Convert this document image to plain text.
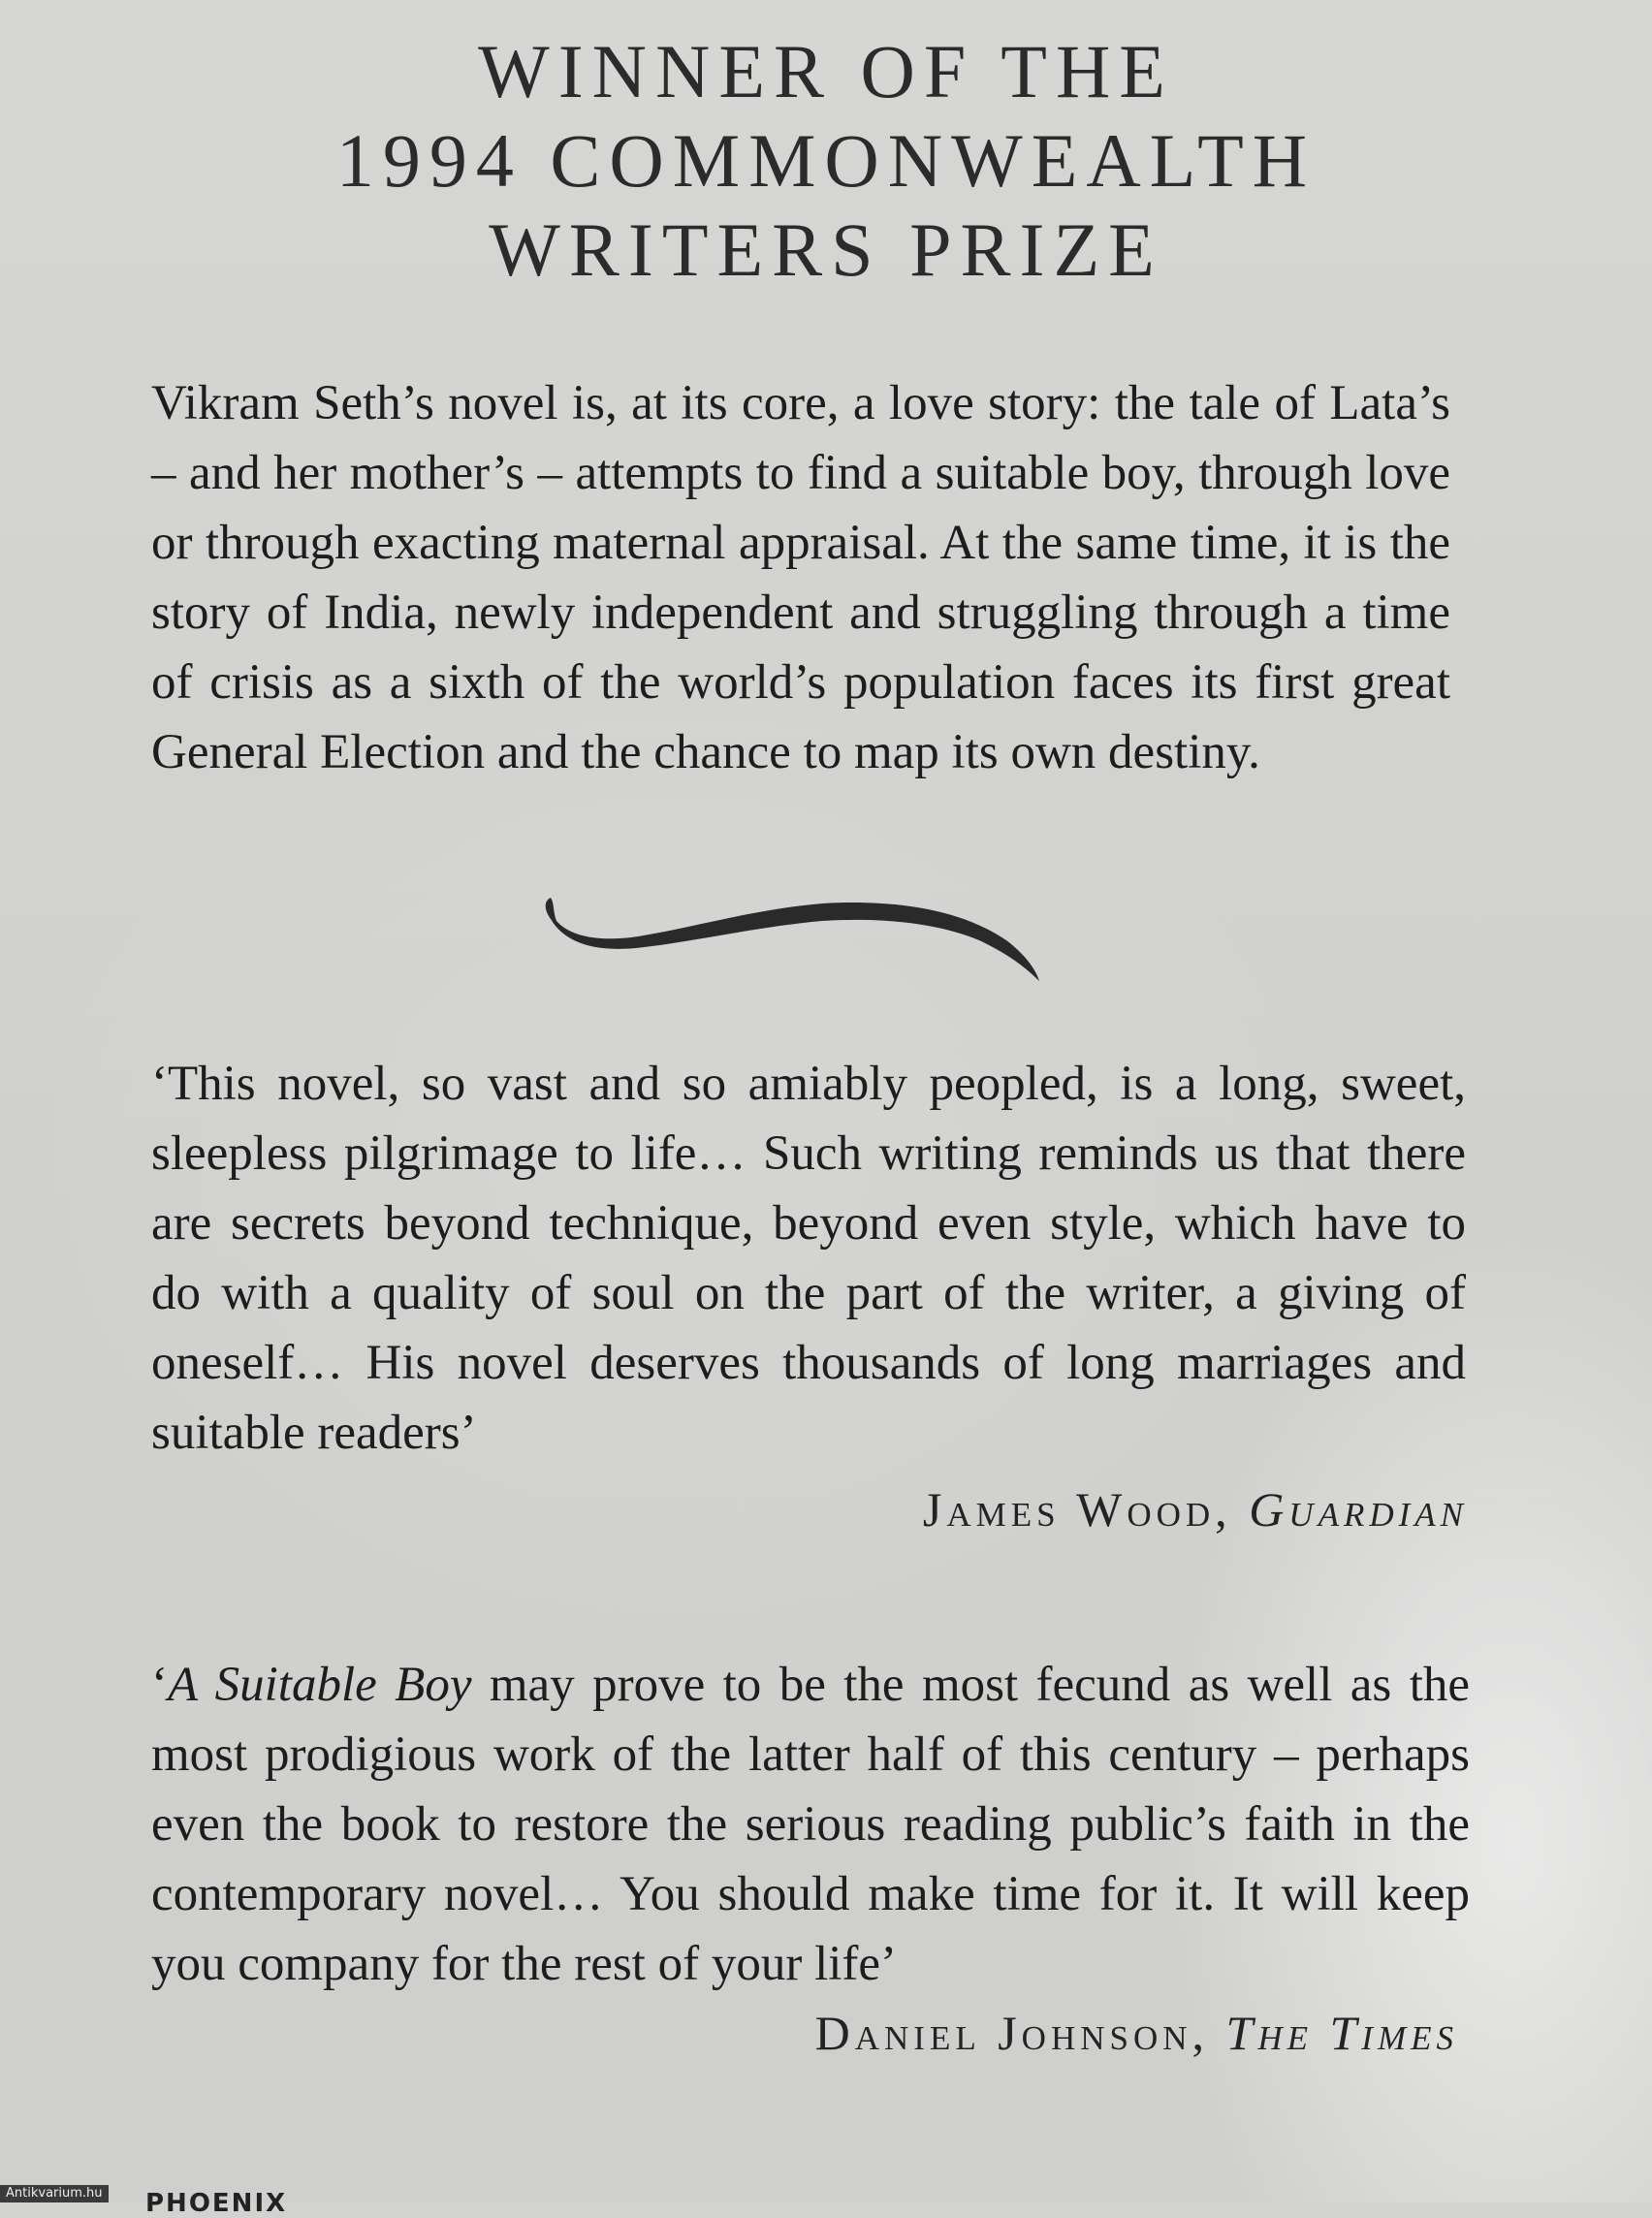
WINNER OF THE
1994 COMMONWEALTH
WRITERS PRIZE

Vikram Seth’s novel is, at its core, a love story: the tale of Lata’s – and her mother’s – attempts to find a suitable boy, through love or through exacting maternal appraisal. At the same time, it is the story of India, newly independent and struggling through a time of crisis as a sixth of the world’s population faces its first great General Election and the chance to map its own destiny.

‘This novel, so vast and so amiably peopled, is a long, sweet, sleepless pilgrimage to life… Such writing reminds us that there are secrets beyond technique, beyond even style, which have to do with a quality of soul on the part of the writer, a giving of oneself… His novel deserves thousands of long marriages and suitable readers’

James Wood, Guardian

‘A Suitable Boy may prove to be the most fecund as well as the most prodigious work of the latter half of this century – perhaps even the book to restore the serious reading public’s faith in the contemporary novel… You should make time for it. It will keep you company for the rest of your life’

Daniel Johnson, The Times
PHOENIX
Antikvarium.hu
